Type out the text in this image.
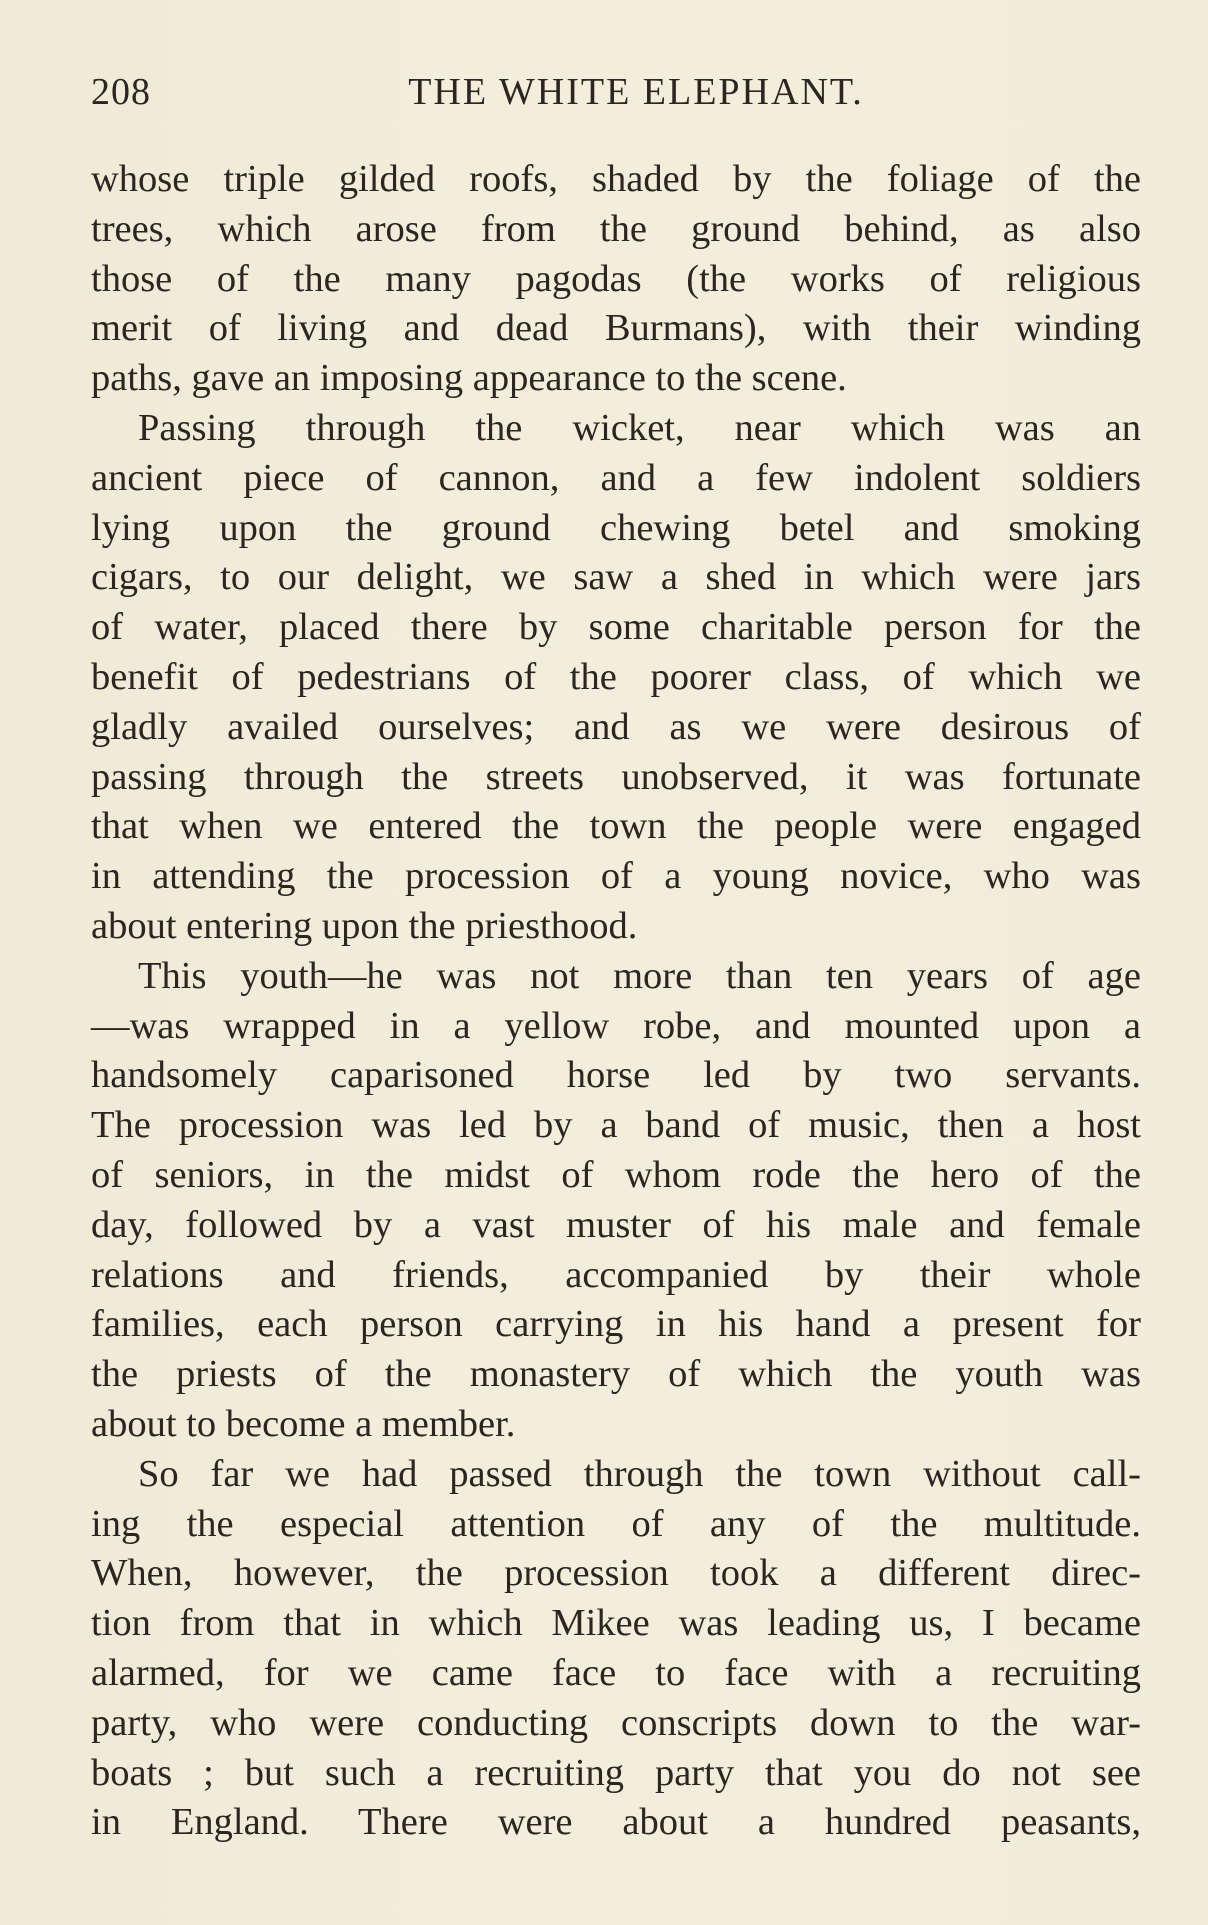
208	THE WHITE ELEPHANT.
whose triple gilded roofs, shaded by the foliage of the
trees, which arose from the ground behind, as also
those of the many pagodas (the works of religious
merit of living and dead Burmans), with their winding
paths, gave an imposing appearance to the scene.
Passing through the wicket, near which was an
ancient piece of cannon, and a few indolent soldiers
lying upon the ground chewing betel and smoking
cigars, to our delight, we saw a shed in which were jars
of water, placed there by some charitable person for the
benefit of pedestrians of the poorer class, of which we
gladly availed ourselves; and as we were desirous of
passing through the streets unobserved, it was fortunate
that when we entered the town the people were engaged
in attending the procession of a young novice, who was
about entering upon the priesthood.
This youth—he was not more than ten years of age
—was wrapped in a yellow robe, and mounted upon a
handsomely caparisoned horse led by two servants.
The procession was led by a band of music, then a host
of seniors, in the midst of whom rode the hero of the
day, followed by a vast muster of his male and female
relations and friends, accompanied by their whole
families, each person carrying in his hand a present for
the priests of the monastery of which the youth was
about to become a member.
So far we had passed through the town without call-
ing the especial attention of any of the multitude.
When, however, the procession took a different direc-
tion from that in which Mikee was leading us, I became
alarmed, for we came face to face with a recruiting
party, who were conducting conscripts down to the war-
boats ; but such a recruiting party that you do not see
in England. There were about a hundred peasants,
